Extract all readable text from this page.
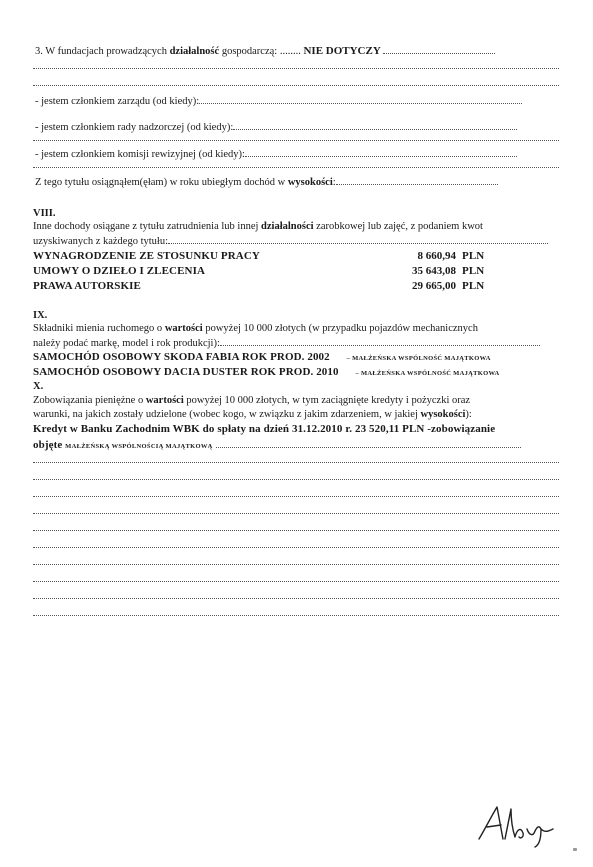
3. W fundacjach prowadzących działalność gospodarczą: ........ NIE DOTYCZY
- jestem członkiem zarządu (od kiedy):
- jestem członkiem rady nadzorczej (od kiedy):
- jestem członkiem komisji rewizyjnej (od kiedy):
Z tego tytułu osiągnąłem(ęłam) w roku ubiegłym dochód w wysokości:
VIII.
Inne dochody osiągane z tytułu zatrudnienia lub innej działalności zarobkowej lub zajęć, z podaniem kwot
uzyskiwanych z każdego tytułu:
WYNAGRODZENIE ZE STOSUNKU PRACY	8 660,94 PLN
UMOWY O DZIEŁO I ZLECENIA	35 643,08 PLN
PRAWA AUTORSKIE	29 665,00 PLN
IX.
Składniki mienia ruchomego o wartości powyżej 10 000 złotych (w przypadku pojazdów mechanicznych
należy podać markę, model i rok produkcji):
SAMOCHÓD OSOBOWY SKODA FABIA ROK PROD. 2002	– MAŁŻEŃSKA WSPÓLNOŚĆ MAJĄTKOWA
SAMOCHÓD OSOBOWY DACIA DUSTER ROK PROD. 2010	– MAŁŻEŃSKA WSPÓLNOŚĆ MAJĄTKOWA
X.
Zobowiązania pieniężne o wartości powyżej 10 000 złotych, w tym zaciągnięte kredyty i pożyczki oraz
warunki, na jakich zostały udzielone (wobec kogo, w związku z jakim zdarzeniem, w jakiej wysokości):
Kredyt w Banku Zachodnim WBK do spłaty na dzień 31.12.2010 r. 23 520,11 PLN -zobowiązanie
objęte MAŁŻEŃSKĄ WSPÓLNOŚCIĄ MAJĄTKOWĄ
